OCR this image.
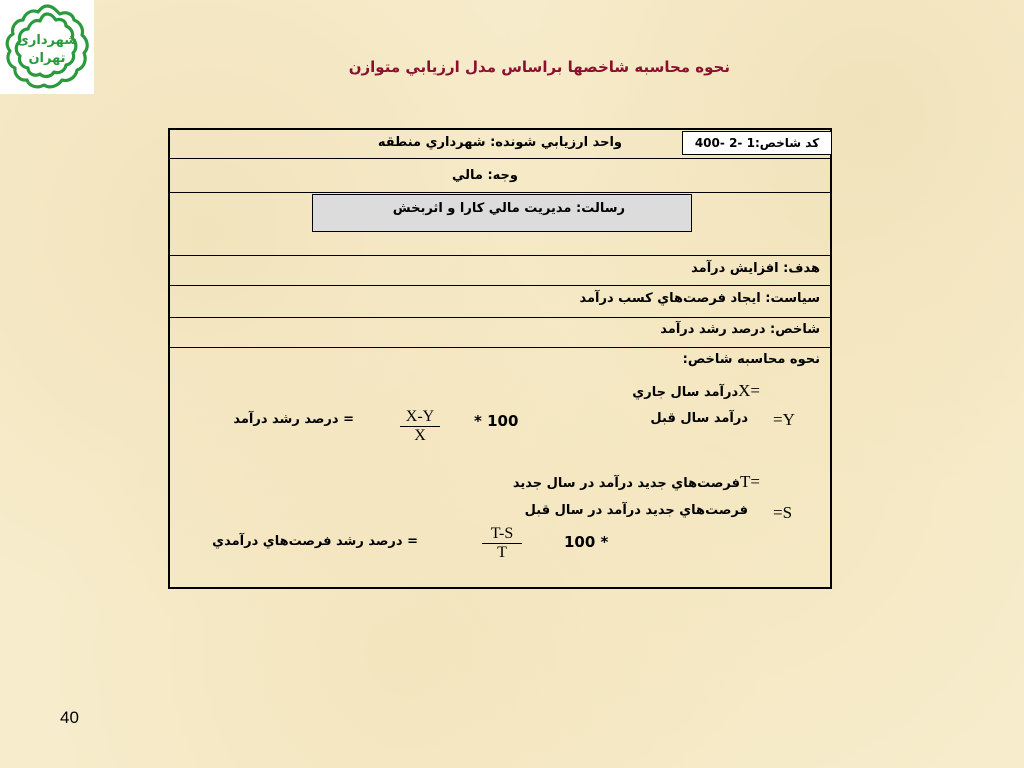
شهرداری
تهران	نحوه محاسبه شاخصها براساس مدل ارزيابي متوازن
واحد ارزيابي شونده: شهرداري منطقه	كد شاخص:1 -2 -400
وجه: مالي
رسالت: مديريت مالي كارا و اثربخش
هدف: افزايش درآمد
سياست: ايجاد فرصت‌هاي كسب درآمد
شاخص: درصد رشد درآمد
نحوه محاسبه شاخص:
=Xدرآمد سال جاري
=Y
درآمد سال قبل
* 100
$\frac{X-Y}{X}$
= درصد رشد درآمد
=Tفرصت‌هاي جديد درآمد در سال جديد
=S
فرصت‌هاي جديد درآمد در سال قبل
100 *
$\frac{T-S}{T}$
= درصد رشد فرصت‌هاي درآمدي
40
